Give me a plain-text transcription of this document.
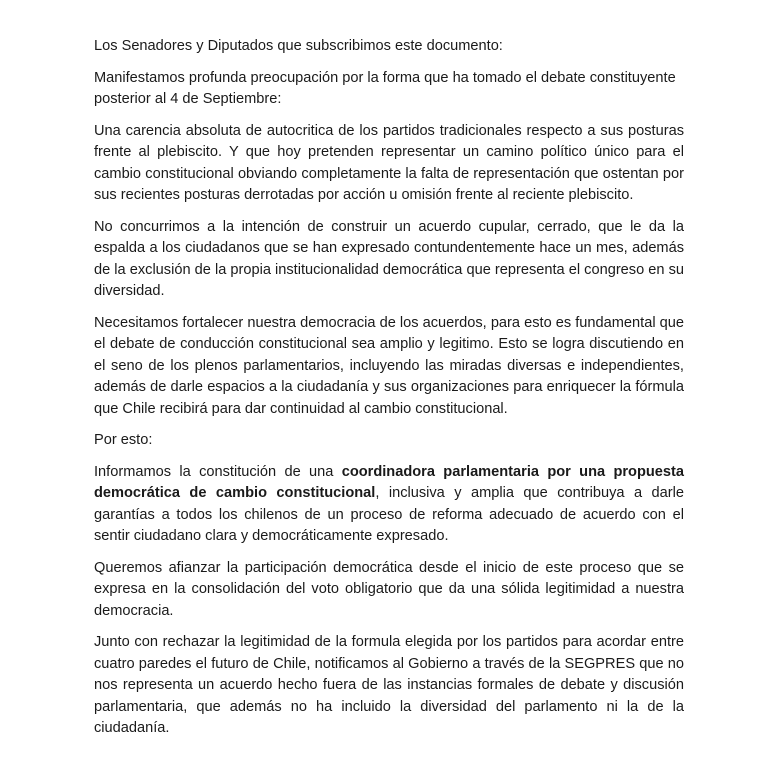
Los Senadores y Diputados que subscribimos este documento:

Manifestamos profunda preocupación por la forma que ha tomado el debate constituyente posterior al 4 de Septiembre:

Una carencia absoluta de autocritica de los partidos tradicionales respecto a sus posturas frente al plebiscito. Y que hoy pretenden representar un camino político único para el cambio constitucional obviando completamente la falta de representación que ostentan por sus recientes posturas derrotadas por acción u omisión frente al reciente plebiscito.

No concurrimos a la intención de construir un acuerdo cupular, cerrado, que le da la espalda a los ciudadanos que se han expresado contundentemente hace un mes, además de la exclusión de la propia institucionalidad democrática que representa el congreso en su diversidad.

Necesitamos fortalecer nuestra democracia de los acuerdos, para esto es fundamental que el debate de conducción constitucional sea amplio y legitimo. Esto se logra discutiendo en el seno de los plenos parlamentarios, incluyendo las miradas diversas e independientes, además de darle espacios a la ciudadanía y sus organizaciones para enriquecer la fórmula que Chile recibirá para dar continuidad al cambio constitucional.

Por esto:

Informamos la constitución de una coordinadora parlamentaria por una propuesta democrática de cambio constitucional, inclusiva y amplia que contribuya a darle garantías a todos los chilenos de un proceso de reforma adecuado de acuerdo con el sentir ciudadano clara y democráticamente expresado.

Queremos afianzar la participación democrática desde el inicio de este proceso que se expresa en la consolidación del voto obligatorio que da una sólida legitimidad a nuestra democracia.

Junto con rechazar la legitimidad de la formula elegida por los partidos para acordar entre cuatro paredes el futuro de Chile, notificamos al Gobierno a través de la SEGPRES que no nos representa un acuerdo hecho fuera de las instancias formales de debate y discusión parlamentaria, que además no ha incluido la diversidad del parlamento ni la de la ciudadanía.
